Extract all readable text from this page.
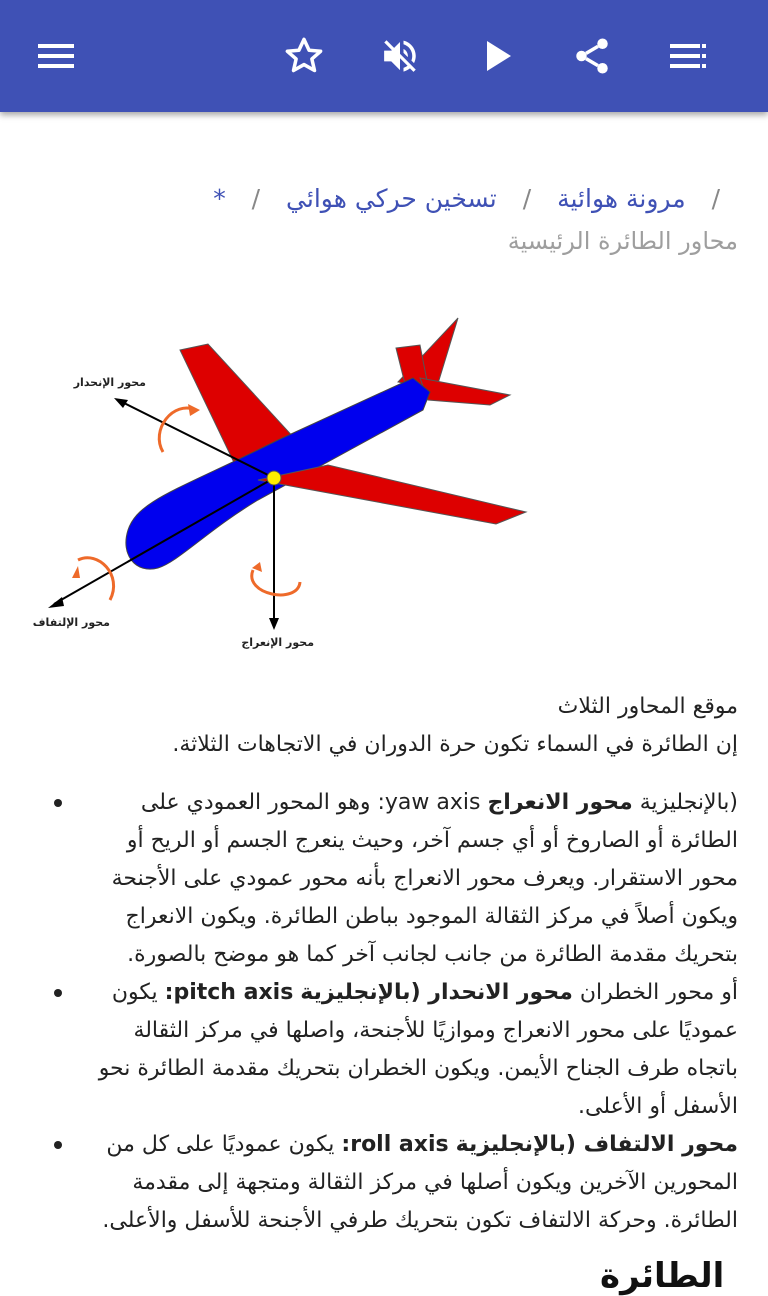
/ مرونة هوائية / تسخين حركي هوائي / *
محاور الطائرة الرئيسية
محور الإنحدار
محور الإلتفاف
محور الإنعراج

موقع المحاور الثلاث

إن الطائرة في السماء تكون حرة الدوران في الاتجاهات الثلاثة.

(بالإنجليزية محور الانعراج :yaw axis وهو المحور العمودي على الطائرة أو الصاروخ أو أي جسم آخر، وحيث ينعرج الجسم أو الريح أو محور الاستقرار. ويعرف محور الانعراج بأنه محور عمودي على الأجنحة ويكون أصلاً في مركز الثقالة الموجود بباطن الطائرة. ويكون الانعراج بتحريك مقدمة الطائرة من جانب لجانب آخر كما هو موضح بالصورة.
أو محور الخطران محور الانحدار (بالإنجليزية :pitch axis يكون عموديًا على محور الانعراج وموازيًا للأجنحة، واصلها في مركز الثقالة باتجاه طرف الجناح الأيمن. ويكون الخطران بتحريك مقدمة الطائرة نحو الأسفل أو الأعلى.
محور الالتفاف (بالإنجليزية :roll axis يكون عموديًا على كل من المحورين الآخرين ويكون أصلها في مركز الثقالة ومتجهة إلى مقدمة الطائرة. وحركة الالتفاف تكون بتحريك طرفي الأجنحة للأسفل والأعلى.
الطائرة
